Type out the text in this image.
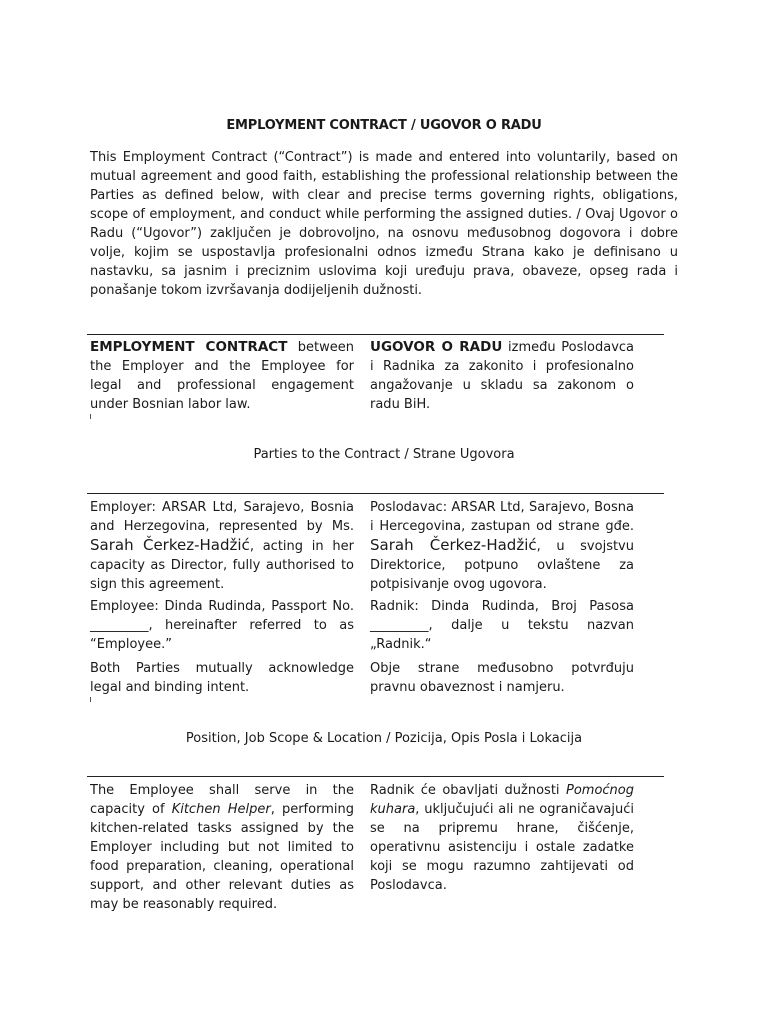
EMPLOYMENT CONTRACT / UGOVOR O RADU
This Employment Contract (“Contract”) is made and entered into voluntarily, based on mutual agreement and good faith, establishing the professional relationship between the Parties as defined below, with clear and precise terms governing rights, obligations, scope of employment, and conduct while performing the assigned duties. / Ovaj Ugovor o Radu (“Ugovor”) zaključen je dobrovoljno, na osnovu međusobnog dogovora i dobre volje, kojim se uspostavlja profesionalni odnos između Strana kako je definisano u nastavku, sa jasnim i preciznim uslovima koji uređuju prava, obaveze, opseg rada i ponašanje tokom izvršavanja dodijeljenih dužnosti.
EMPLOYMENT CONTRACT between the Employer and the Employee for legal and professional engagement under Bosnian labor law.
UGOVOR O RADU između Poslodavca i Radnika za zakonito i profesionalno angažovanje u skladu sa zakonom o radu BiH.
Parties to the Contract / Strane Ugovora
Employer: ARSAR Ltd, Sarajevo, Bosnia and Herzegovina, represented by Ms. Sarah Čerkez-Hadžić, acting in her capacity as Director, fully authorised to sign this agreement.
Poslodavac: ARSAR Ltd, Sarajevo, Bosna i Hercegovina, zastupan od strane gđe. Sarah Čerkez-Hadžić, u svojstvu Direktorice, potpuno ovlaštene za potpisivanje ovog ugovora.
Employee: Dinda Rudinda, Passport No. _________, hereinafter referred to as “Employee.”
Radnik: Dinda Rudinda, Broj Pasosa _________, dalje u tekstu nazvan „Radnik.“
Both Parties mutually acknowledge legal and binding intent.
Obje strane međusobno potvrđuju pravnu obaveznost i namjeru.
Position, Job Scope & Location / Pozicija, Opis Posla i Lokacija
The Employee shall serve in the capacity of Kitchen Helper, performing kitchen-related tasks assigned by the Employer including but not limited to food preparation, cleaning, operational support, and other relevant duties as may be reasonably required.
Radnik će obavljati dužnosti Pomoćnog kuhara, uključujući ali ne ograničavajući se na pripremu hrane, čišćenje, operativnu asistenciju i ostale zadatke koji se mogu razumno zahtijevati od Poslodavca.
